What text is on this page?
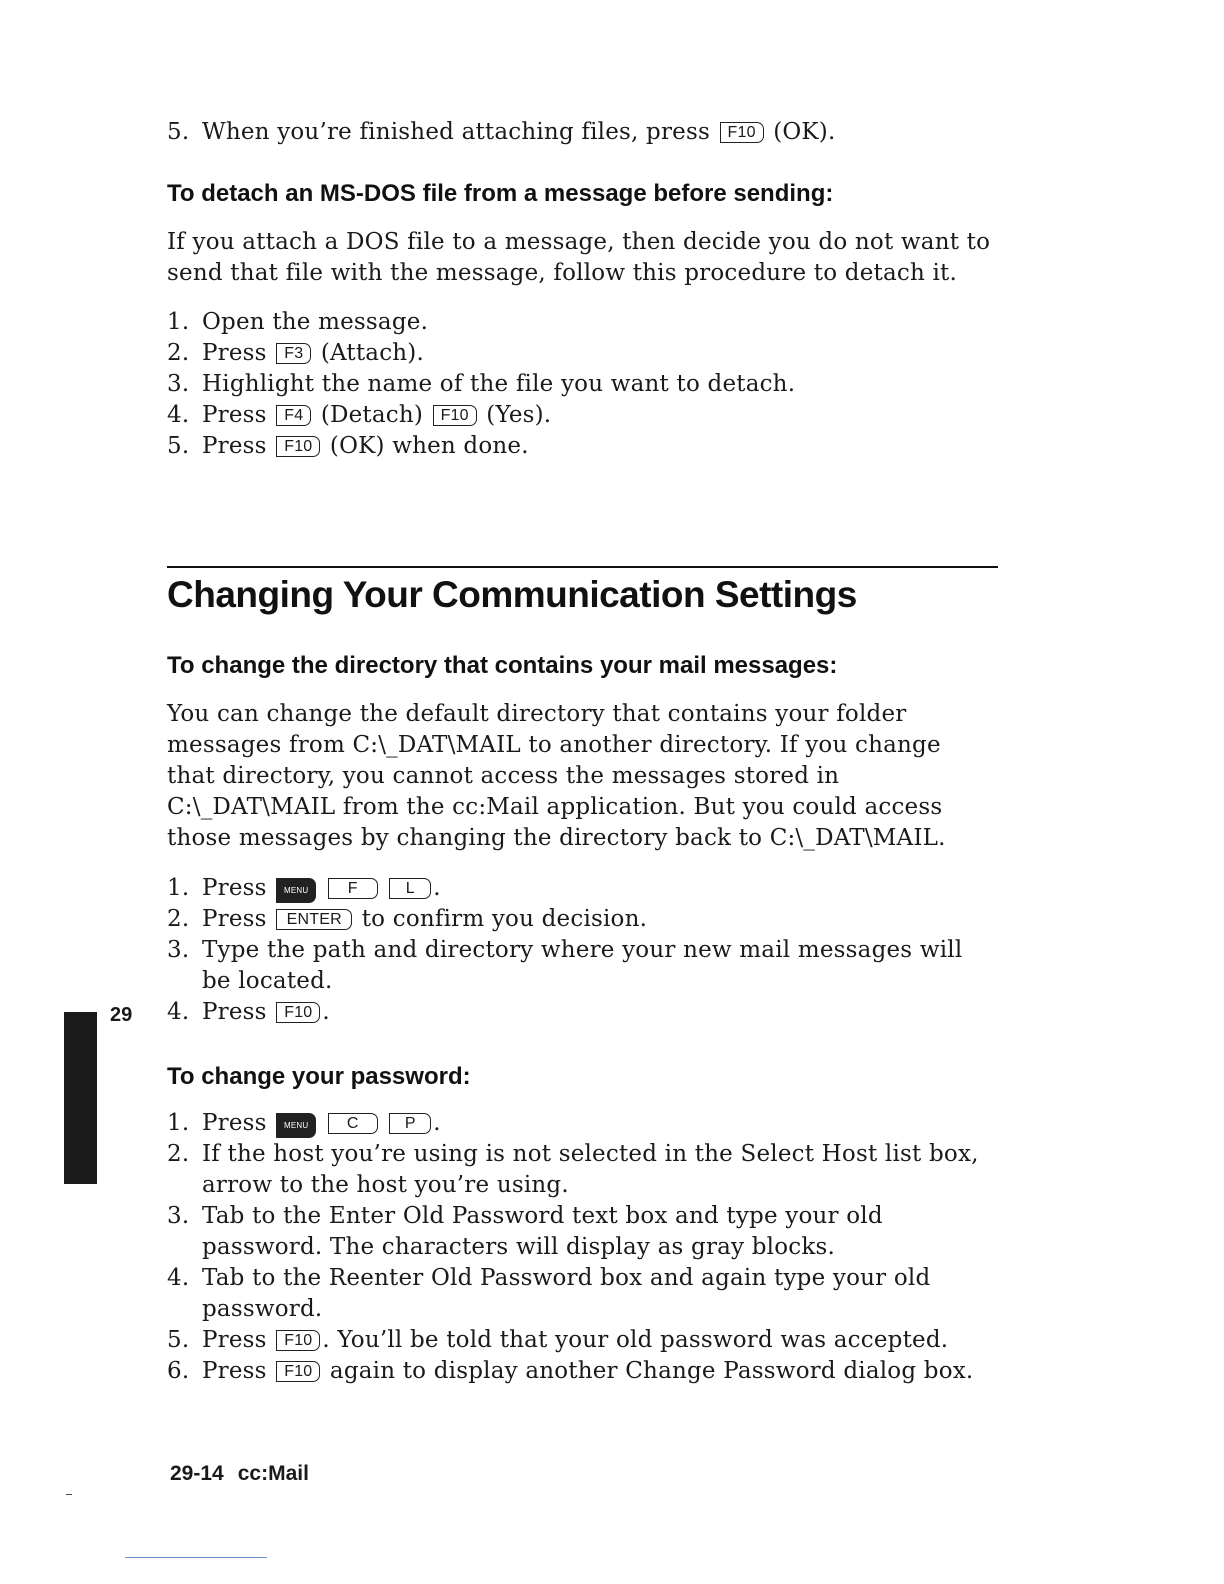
5. When you’re finished attaching files, press F10 (OK).
To detach an MS-DOS file from a message before sending:

If you attach a DOS file to a message, then decide you do not want to send that file with the message, follow this procedure to detach it.

1. Open the message.
2. Press F3 (Attach).
3. Highlight the name of the file you want to detach.
4. Press F4 (Detach) F10 (Yes).
5. Press F10 (OK) when done.
Changing Your Communication Settings
To change the directory that contains your mail messages:

You can change the default directory that contains your folder messages from C:\_DAT\MAIL to another directory. If you change that directory, you cannot access the messages stored in C:\_DAT\MAIL from the cc:Mail application. But you could access those messages by changing the directory back to C:\_DAT\MAIL.

1. Press MENU F	L .
2. Press ENTER to confirm you decision.
3. Type the path and directory where your new mail messages will be located.
4. Press F10 .
To change your password:
1. Press MENU C	P .
2. If the host you’re using is not selected in the Select Host list box, arrow to the host you’re using.
3. Tab to the Enter Old Password text box and type your old password. The characters will display as gray blocks.
4. Tab to the Reenter Old Password box and again type your old password.
5. Press F10 . You’ll be told that your old password was accepted.
6. Press F10 again to display another Change Password dialog box.
29
29-14 cc:Mail
